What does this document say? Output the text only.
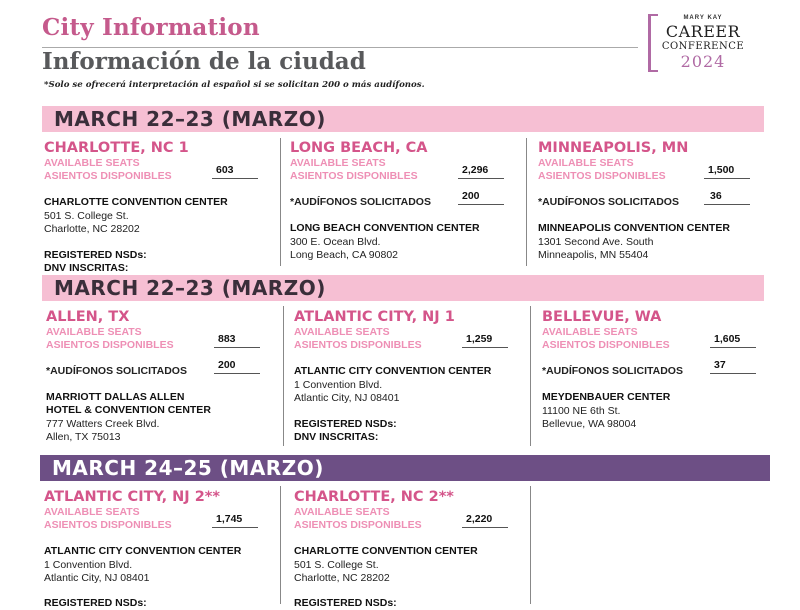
City Information
Información de la ciudad
*Solo se ofrecerá interpretación al español si se solicitan 200 o más audífonos.
MARY KAY
CAREER
CONFERENCE
2024
MARCH 22–23 (MARZO)
CHARLOTTE, NC 1
AVAILABLE SEATS
ASIENTOS DISPONIBLES	603
CHARLOTTE CONVENTION CENTER
501 S. College St.
Charlotte, NC 28202
REGISTERED NSDs:
DNV INSCRITAS:
LONG BEACH, CA
AVAILABLE SEATS
ASIENTOS DISPONIBLES	2,296
*AUDÍFONOS SOLICITADOS	200
LONG BEACH CONVENTION CENTER
300 E. Ocean Blvd.
Long Beach, CA 90802
MINNEAPOLIS, MN
AVAILABLE SEATS
ASIENTOS DISPONIBLES	1,500
*AUDÍFONOS SOLICITADOS	36
MINNEAPOLIS CONVENTION CENTER
1301 Second Ave. South
Minneapolis, MN 55404
MARCH 22–23 (MARZO)
ALLEN, TX
AVAILABLE SEATS
ASIENTOS DISPONIBLES	883
*AUDÍFONOS SOLICITADOS	200
MARRIOTT DALLAS ALLEN
HOTEL & CONVENTION CENTER
777 Watters Creek Blvd.
Allen, TX 75013
ATLANTIC CITY, NJ 1
AVAILABLE SEATS
ASIENTOS DISPONIBLES	1,259
ATLANTIC CITY CONVENTION CENTER
1 Convention Blvd.
Atlantic City, NJ 08401
REGISTERED NSDs:
DNV INSCRITAS:
BELLEVUE, WA
AVAILABLE SEATS
ASIENTOS DISPONIBLES	1,605
*AUDÍFONOS SOLICITADOS	37
MEYDENBAUER CENTER
11100 NE 6th St.
Bellevue, WA 98004
MARCH 24–25 (MARZO)
ATLANTIC CITY, NJ 2**
AVAILABLE SEATS
ASIENTOS DISPONIBLES	1,745
ATLANTIC CITY CONVENTION CENTER
1 Convention Blvd.
Atlantic City, NJ 08401
REGISTERED NSDs:
CHARLOTTE, NC 2**
AVAILABLE SEATS
ASIENTOS DISPONIBLES	2,220
CHARLOTTE CONVENTION CENTER
501 S. College St.
Charlotte, NC 28202
REGISTERED NSDs:
